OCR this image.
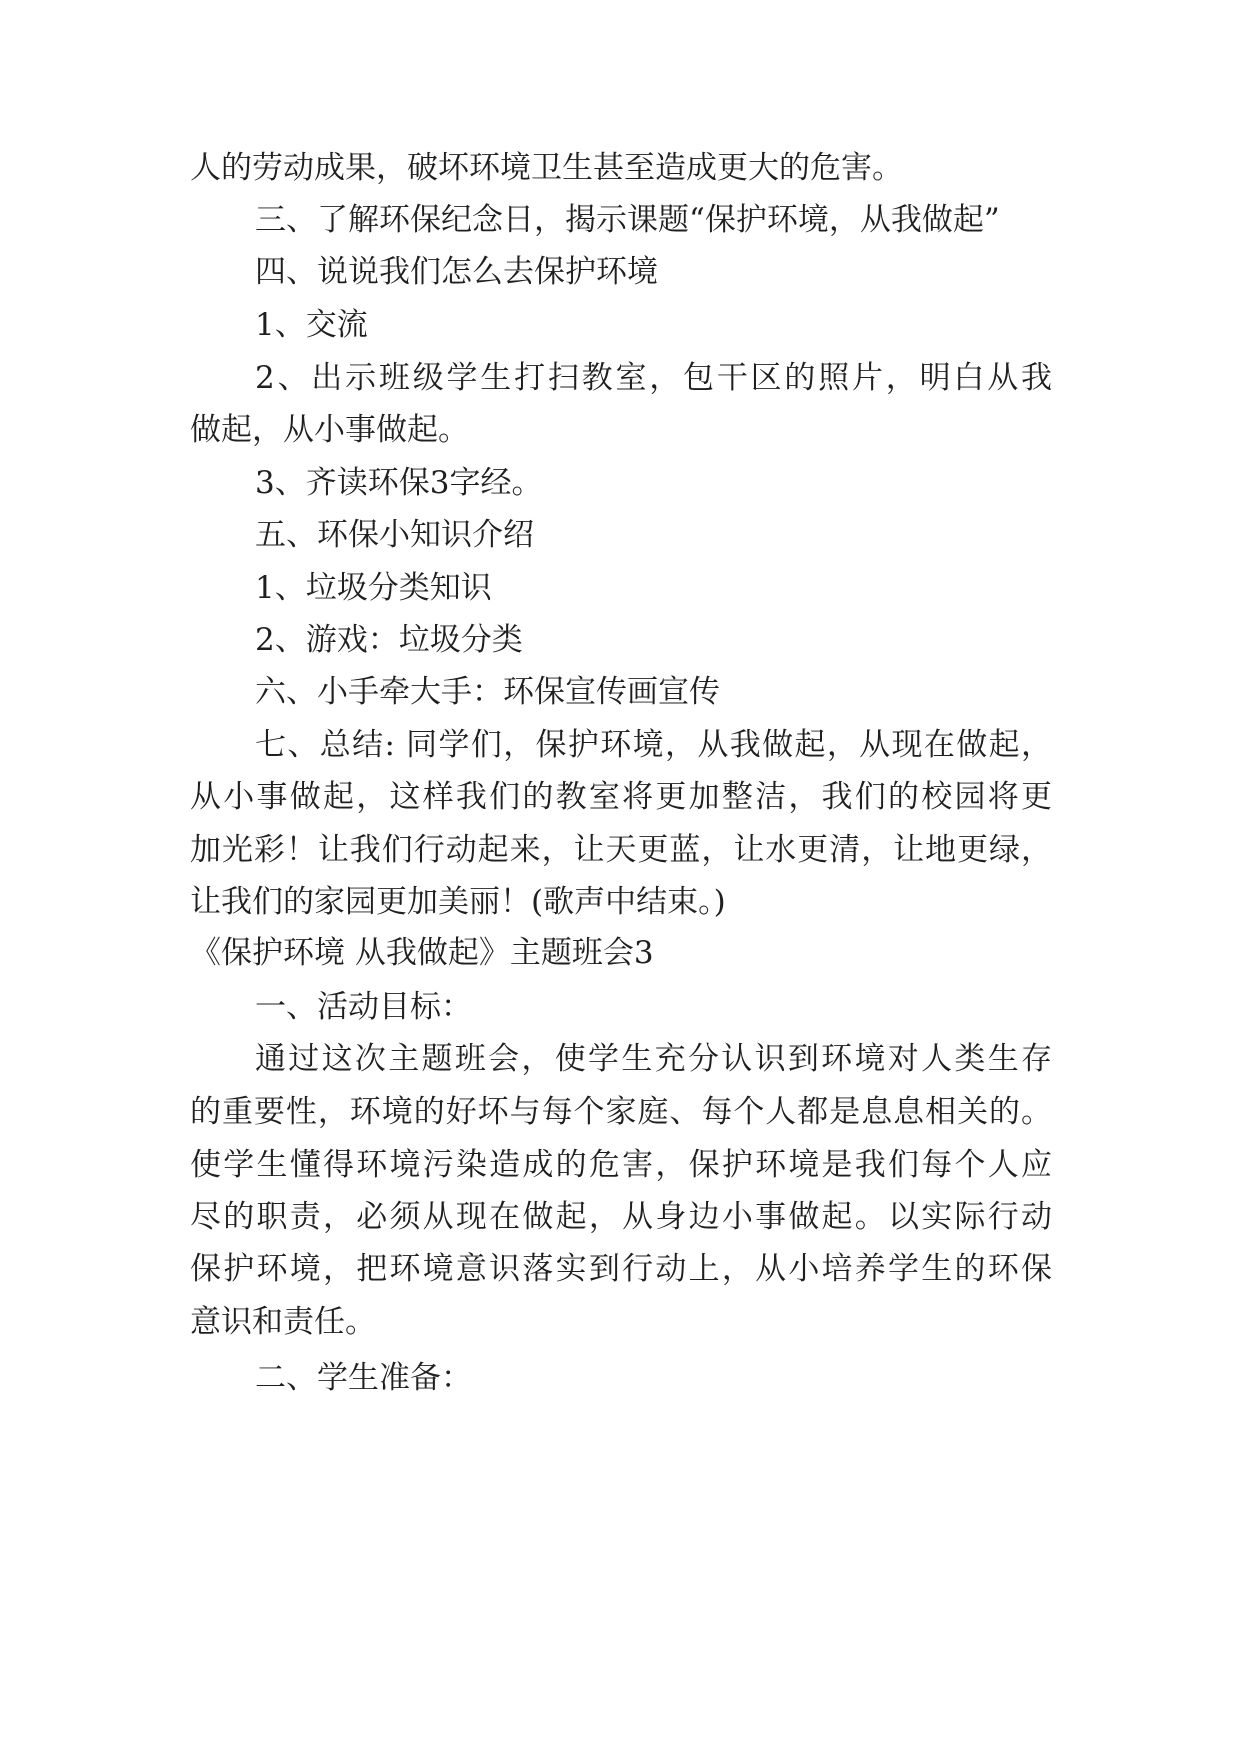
人的劳动成果，破坏环境卫生甚至造成更大的危害。
三、了解环保纪念日，揭示课题“保护环境，从我做起”
四、说说我们怎么去保护环境
1、交流
2、出示班级学生打扫教室，包干区的照片，明白从我
做起，从小事做起。
3、齐读环保3字经。
五、环保小知识介绍
1、垃圾分类知识
2、游戏：垃圾分类
六、小手牵大手：环保宣传画宣传
七、总结: 同学们，保护环境，从我做起，从现在做起，
从小事做起，这样我们的教室将更加整洁，我们的校园将更
加光彩！让我们行动起来，让天更蓝，让水更清，让地更绿，
让我们的家园更加美丽！(歌声中结束。)
《保护环境 从我做起》主题班会3
一、活动目标：
通过这次主题班会，使学生充分认识到环境对人类生存
的重要性，环境的好坏与每个家庭、每个人都是息息相关的。
使学生懂得环境污染造成的危害，保护环境是我们每个人应
尽的职责，必须从现在做起，从身边小事做起。以实际行动
保护环境，把环境意识落实到行动上，从小培养学生的环保
意识和责任。
二、学生准备：
